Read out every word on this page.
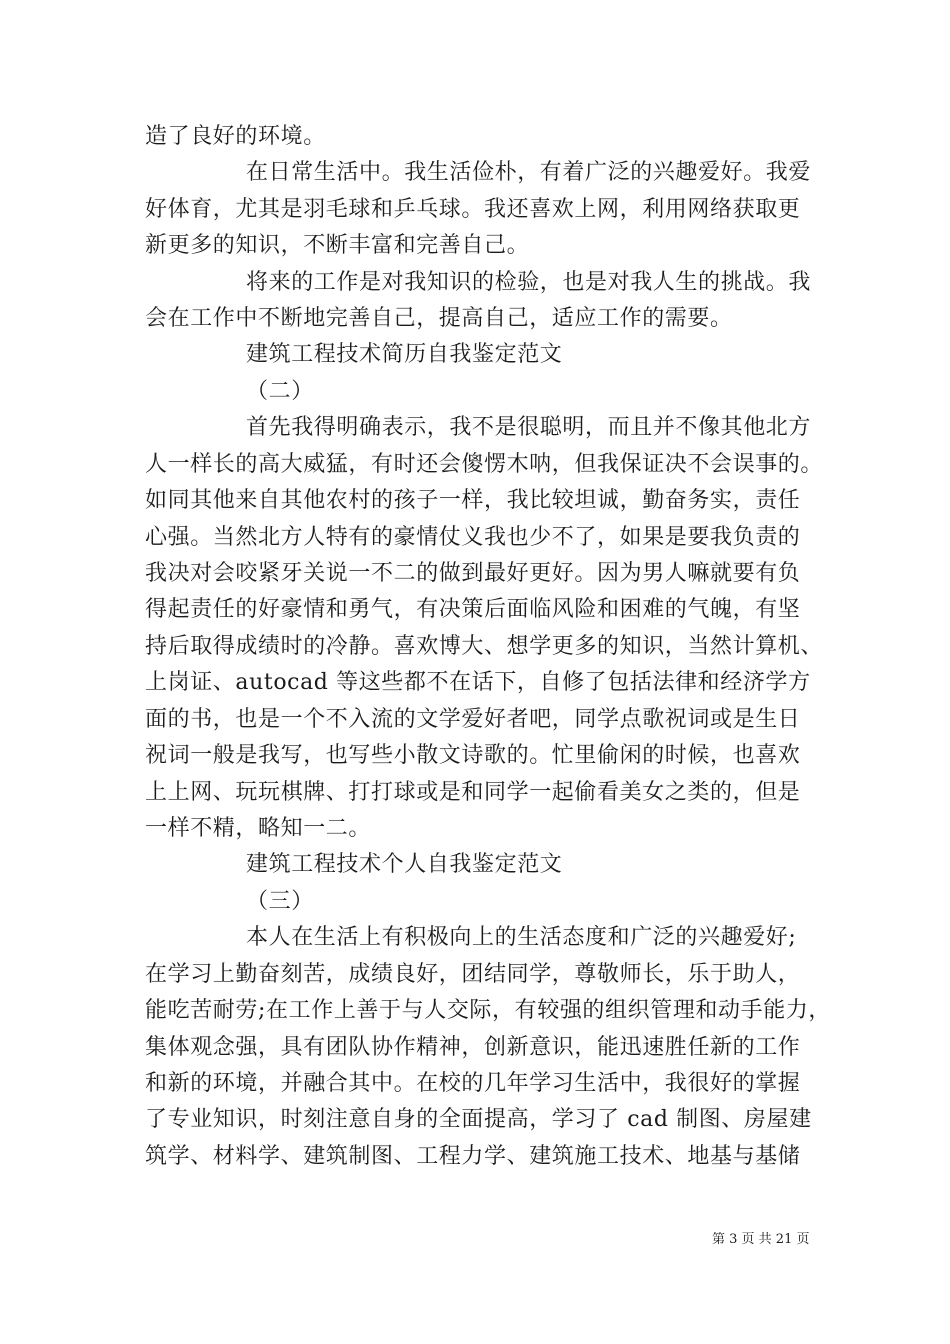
造了良好的环境。
在日常生活中。我生活俭朴，有着广泛的兴趣爱好。我爱
好体育，尤其是羽毛球和乒乓球。我还喜欢上网，利用网络获取更
新更多的知识，不断丰富和完善自己。
将来的工作是对我知识的检验，也是对我人生的挑战。我
会在工作中不断地完善自己，提高自己，适应工作的需要。
建筑工程技术简历自我鉴定范文
（二）
首先我得明确表示，我不是很聪明，而且并不像其他北方
人一样长的高大威猛，有时还会傻愣木呐，但我保证决不会误事的。
如同其他来自其他农村的孩子一样，我比较坦诚，勤奋务实，责任
心强。当然北方人特有的豪情仗义我也少不了，如果是要我负责的
我决对会咬紧牙关说一不二的做到最好更好。因为男人嘛就要有负
得起责任的好豪情和勇气，有决策后面临风险和困难的气魄，有坚
持后取得成绩时的冷静。喜欢博大、想学更多的知识，当然计算机、
上岗证、autocad 等这些都不在话下，自修了包括法律和经济学方
面的书，也是一个不入流的文学爱好者吧，同学点歌祝词或是生日
祝词一般是我写，也写些小散文诗歌的。忙里偷闲的时候，也喜欢
上上网、玩玩棋牌、打打球或是和同学一起偷看美女之类的，但是
一样不精，略知一二。
建筑工程技术个人自我鉴定范文
（三）
本人在生活上有积极向上的生活态度和广泛的兴趣爱好;
在学习上勤奋刻苦，成绩良好，团结同学，尊敬师长，乐于助人，
能吃苦耐劳;在工作上善于与人交际，有较强的组织管理和动手能力，
集体观念强，具有团队协作精神，创新意识，能迅速胜任新的工作
和新的环境，并融合其中。在校的几年学习生活中，我很好的掌握
了专业知识，时刻注意自身的全面提高，学习了 cad 制图、房屋建
筑学、材料学、建筑制图、工程力学、建筑施工技术、地基与基储
第 3 页 共 21 页
